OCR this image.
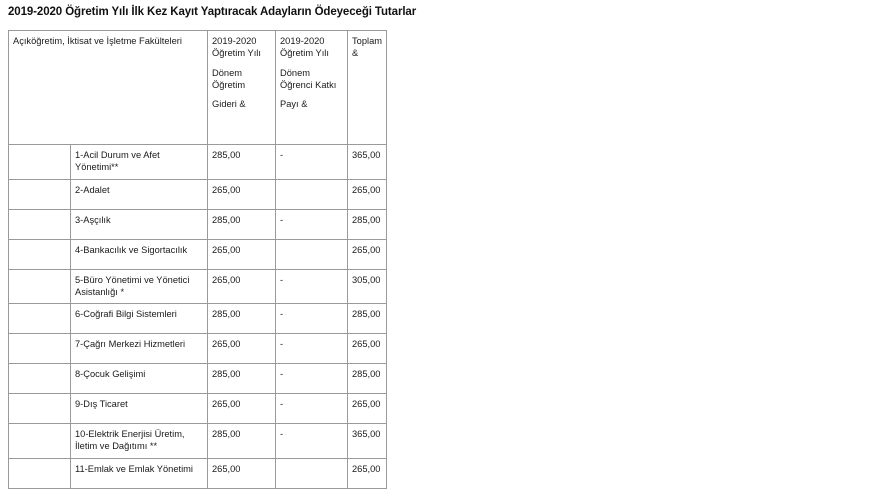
2019-2020 Öğretim Yılı İlk Kez Kayıt Yaptıracak Adayların Ödeyeceği Tutarlar
Açıköğretim, İktisat ve İşletme Fakülteleri		2019-2020
Öğretim Yılı
Dönem
Öğretim
Gideri &	2019-2020
Öğretim Yılı
Dönem
Öğrenci Katkı
Payı &	Toplam &
	1-Acil Durum ve Afet Yönetimi**	285,00	-	365,00
	2-Adalet	265,00		265,00
	3-Aşçılık	285,00	-	285,00
	4-Bankacılık ve Sigortacılık	265,00		265,00
	5-Büro Yönetimi ve Yönetici Asistanlığı *	265,00	-	305,00
	6-Coğrafi Bilgi Sistemleri	285,00	-	285,00
	7-Çağrı Merkezi Hizmetleri	265,00	-	265,00
	8-Çocuk Gelişimi	285,00	-	285,00
	9-Dış Ticaret	265,00	-	265,00
	10-Elektrik Enerjisi Üretim, İletim ve Dağıtımı **	285,00	-	365,00
	11-Emlak ve Emlak Yönetimi	265,00		265,00
